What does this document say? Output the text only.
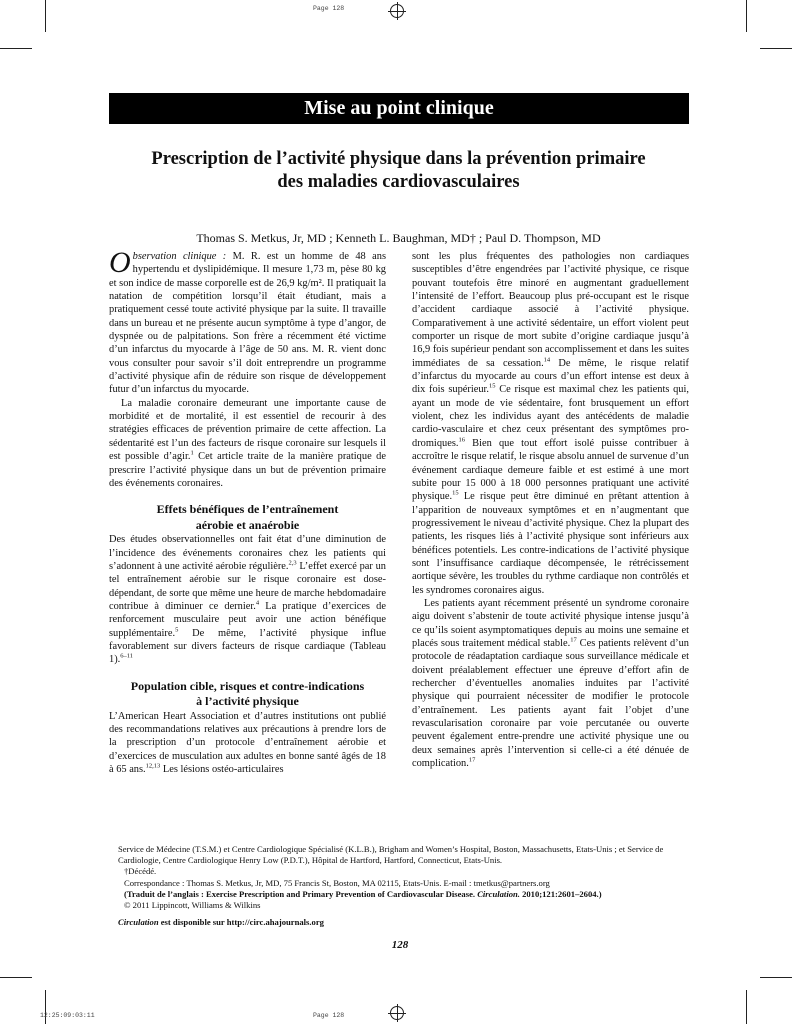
Page 128
12:25:09:03:11	Page 128
Mise au point clinique
Prescription de l’activité physique dans la prévention primaire
des maladies cardiovasculaires
Thomas S. Metkus, Jr, MD ; Kenneth L. Baughman, MD† ; Paul D. Thompson, MD

Observation clinique : M. R. est un homme de 48 ans hypertendu et dyslipidémique. Il mesure 1,73 m, pèse 80 kg et son indice de masse corporelle est de 26,9 kg/m². Il pratiquait la natation de compétition lorsqu’il était étudiant, mais a pratiquement cessé toute activité physique par la suite. Il travaille dans un bureau et ne présente aucun symptôme à type d’angor, de dyspnée ou de palpitations. Son frère a récemment été victime d’un infarctus du myocarde à l’âge de 50 ans. M. R. vient donc vous consulter pour savoir s’il doit entreprendre un programme d’activité physique afin de réduire son risque de développement futur d’un infarctus du myocarde.

La maladie coronaire demeurant une importante cause de morbidité et de mortalité, il est essentiel de recourir à des stratégies efficaces de prévention primaire de cette affection. La sédentarité est l’un des facteurs de risque coronaire sur lesquels il est possible d’agir.$^1$ Cet article traite de la manière pratique de prescrire l’activité physique dans un but de prévention primaire des événements coronaires.

Effets bénéfiques de l’entraînement
aérobie et anaérobie

Des études observationnelles ont fait état d’une diminution de l’incidence des événements coronaires chez les patients qui s’adonnent à une activité aérobie régulière.$^{2,3}$ L’effet exercé par un tel entraînement aérobie sur le risque coronaire est dose-dépendant, de sorte que même une heure de marche hebdomadaire contribue à diminuer ce dernier.$^4$ La pratique d’exercices de renforcement musculaire peut avoir une action bénéfique supplémentaire.$^5$ De même, l’activité physique influe favorablement sur divers facteurs de risque cardiaque (Tableau 1).$^{6-11}$

Population cible, risques et contre-indications
à l’activité physique

L’American Heart Association et d’autres institutions ont publié des recommandations relatives aux précautions à prendre lors de la prescription d’un protocole d’entraînement aérobie et d’exercices de musculation aux adultes en bonne santé âgés de 18 à 65 ans.$^{12,13}$ Les lésions ostéo-articulaires

sont les plus fréquentes des pathologies non cardiaques susceptibles d’être engendrées par l’activité physique, ce risque pouvant toutefois être minoré en augmentant graduellement l’intensité de l’effort. Beaucoup plus pré-occupant est le risque d’accident cardiaque associé à l’activité physique. Comparativement à une activité sédentaire, un effort violent peut comporter un risque de mort subite d’origine cardiaque jusqu’à 16,9 fois supérieur pendant son accomplissement et dans les suites immédiates de sa cessation.$^{14}$ De même, le risque relatif d’infarctus du myocarde au cours d’un effort intense est deux à dix fois supérieur.$^{15}$ Ce risque est maximal chez les patients qui, ayant un mode de vie sédentaire, font brusquement un effort violent, chez les individus ayant des antécédents de maladie cardio-vasculaire et chez ceux présentant des symptômes pro-dromiques.$^{16}$ Bien que tout effort isolé puisse contribuer à accroître le risque relatif, le risque absolu annuel de survenue d’un événement cardiaque demeure faible et est estimé à une mort subite pour 15 000 à 18 000 personnes pratiquant une activité physique.$^{15}$ Le risque peut être diminué en prêtant attention à l’apparition de nouveaux symptômes et en n’augmentant que progressivement le niveau d’activité physique. Chez la plupart des patients, les risques liés à l’activité physique sont inférieurs aux bénéfices potentiels. Les contre-indications de l’activité physique sont l’insuffisance cardiaque décompensée, le rétrécissement aortique sévère, les troubles du rythme cardiaque non contrôlés et les syndromes coronaires aigus.

Les patients ayant récemment présenté un syndrome coronaire aigu doivent s’abstenir de toute activité physique intense jusqu’à ce qu’ils soient asymptomatiques depuis au moins une semaine et placés sous traitement médical stable.$^{17}$ Ces patients relèvent d’un protocole de réadaptation cardiaque sous surveillance médicale et doivent préalablement effectuer une épreuve d’effort afin de rechercher d’éventuelles anomalies induites par l’activité physique qui pourraient nécessiter de modifier le protocole d’entraînement. Les patients ayant fait l’objet d’une revascularisation coronaire par voie percutanée ou ouverte peuvent également entre-prendre une activité physique une ou deux semaines après l’intervention si celle-ci a été dénuée de complication.$^{17}$

Service de Médecine (T.S.M.) et Centre Cardiologique Spécialisé (K.L.B.), Brigham and Women’s Hospital, Boston, Massachusetts, Etats-Unis ; et Service de Cardiologie, Centre Cardiologique Henry Low (P.D.T.), Hôpital de Hartford, Hartford, Connecticut, Etats-Unis.

†Décédé.

Correspondance : Thomas S. Metkus, Jr, MD, 75 Francis St, Boston, MA 02115, Etats-Unis. E-mail : tmetkus@partners.org

(Traduit de l’anglais : Exercise Prescription and Primary Prevention of Cardiovascular Disease. Circulation. 2010;121:2601–2604.)

© 2011 Lippincott, Williams & Wilkins

Circulation est disponible sur http://circ.ahajournals.org
128
